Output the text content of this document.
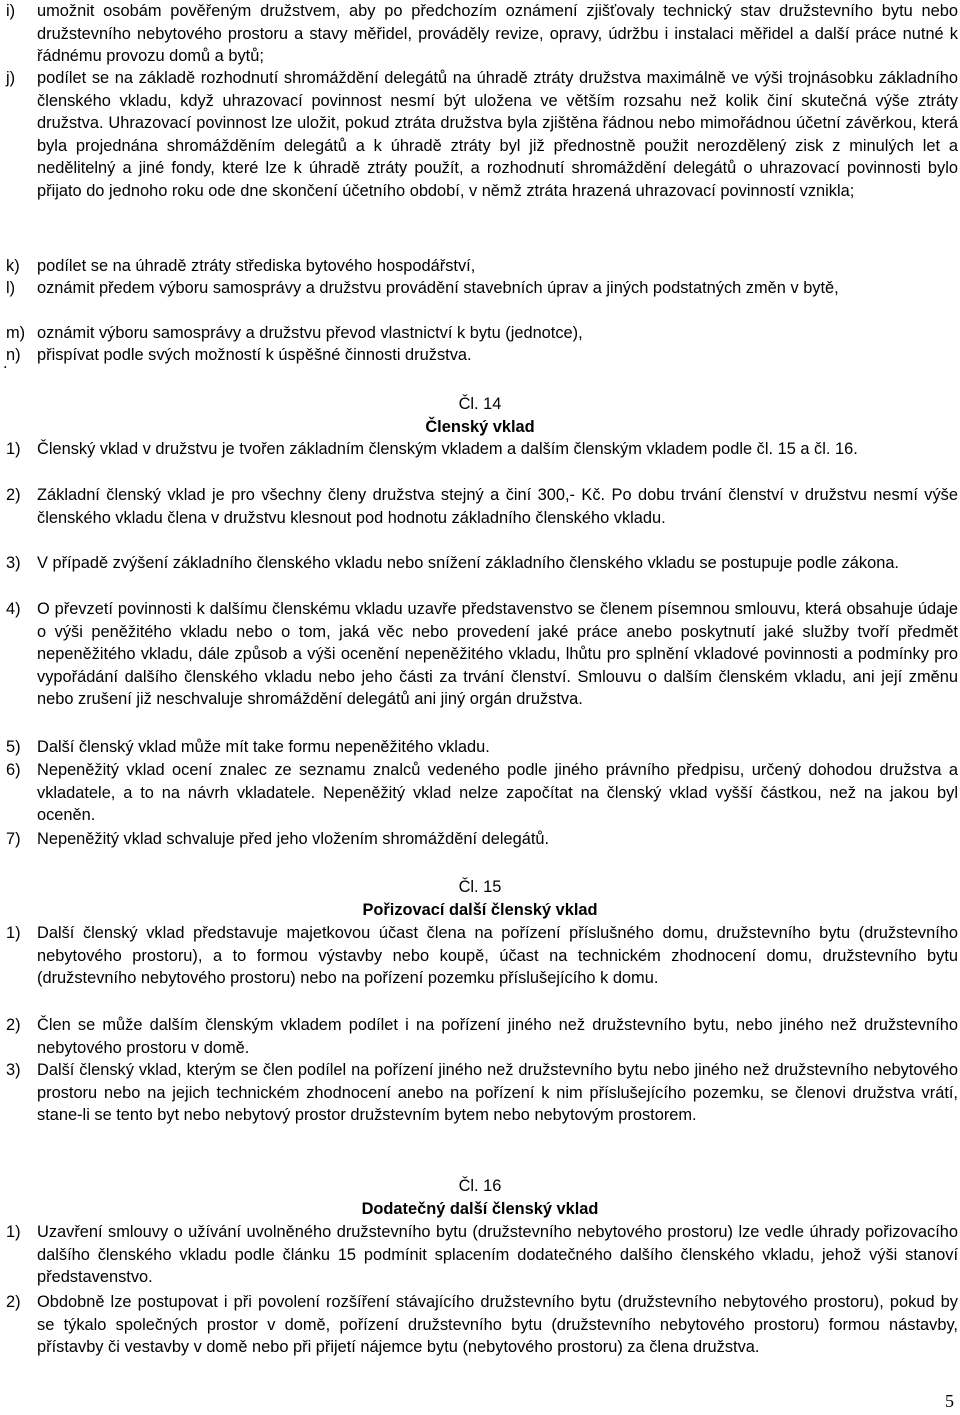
i)	umožnit osobám pověřeným družstvem, aby po předchozím oznámení zjišťovaly technický stav družstevního bytu nebo družstevního nebytového prostoru a stavy měřidel, prováděly revize, opravy, údržbu i instalaci měřidel a další práce nutné k řádnému provozu domů a bytů;
j)	podílet se na základě rozhodnutí shromáždění delegátů na úhradě ztráty družstva maximálně ve výši trojnásobku základního členského vkladu, když uhrazovací povinnost nesmí být uložena ve větším rozsahu než kolik činí skutečná výše ztráty družstva. Uhrazovací povinnost lze uložit, pokud ztráta družstva byla zjištěna řádnou nebo mimořádnou účetní závěrkou, která byla projednána shromážděním delegátů a k úhradě ztráty byl již přednostně použit nerozdělený zisk z minulých let a nedělitelný a jiné fondy, které lze k úhradě ztráty použít, a rozhodnutí shromáždění delegátů o uhrazovací povinnosti bylo přijato do jednoho roku ode dne skončení účetního období, v němž ztráta hrazená uhrazovací povinností vznikla;
k)	podílet se na úhradě ztráty střediska bytového hospodářství,
l)	oznámit předem výboru samosprávy a družstvu provádění stavebních úprav a jiných podstatných změn v bytě,
m) oznámit výboru samosprávy a družstvu převod vlastnictví k bytu (jednotce),
n)	přispívat podle svých možností k úspěšné činnosti družstva.
.
Čl. 14
Členský vklad
1)	Členský vklad v družstvu je tvořen základním členským vkladem a dalším členským vkladem podle čl. 15 a čl. 16.
2)	Základní členský vklad je pro všechny členy družstva stejný a činí 300,- Kč. Po dobu trvání členství v družstvu nesmí výše členského vkladu člena v družstvu klesnout pod hodnotu základního členského vkladu.
3)	V případě zvýšení základního členského vkladu nebo snížení základního členského vkladu se postupuje podle zákona.
4)	O převzetí povinnosti k dalšímu členskému vkladu uzavře představenstvo se členem písemnou smlouvu, která obsahuje údaje o výši peněžitého vkladu nebo o tom, jaká věc nebo provedení jaké práce anebo poskytnutí jaké služby tvoří předmět nepeněžitého vkladu, dále způsob a výši ocenění nepeněžitého vkladu, lhůtu pro splnění vkladové povinnosti a podmínky pro vypořádání dalšího členského vkladu nebo jeho části za trvání členství. Smlouvu o dalším členském vkladu, ani její změnu nebo zrušení již neschvaluje shromáždění delegátů ani jiný orgán družstva.
5)	Další členský vklad může mít take formu nepeněžitého vkladu.
6)	Nepeněžitý vklad ocení znalec ze seznamu znalců vedeného podle jiného právního předpisu, určený dohodou družstva a vkladatele, a to na návrh vkladatele. Nepeněžitý vklad nelze započítat na členský vklad vyšší částkou, než na jakou byl oceněn.
7)	Nepeněžitý vklad schvaluje před jeho vložením shromáždění delegátů.
Čl. 15
Pořizovací další členský vklad
1)	Další členský vklad představuje majetkovou účast člena na pořízení příslušného domu, družstevního bytu (družstevního nebytového prostoru), a to formou výstavby nebo koupě, účast na technickém zhodnocení domu, družstevního bytu (družstevního nebytového prostoru) nebo na pořízení pozemku příslušejícího k domu.
2)	Člen se může dalším členským vkladem podílet i na pořízení jiného než družstevního bytu, nebo jiného než družstevního nebytového prostoru v domě.
3)	Další členský vklad, kterým se člen podílel na pořízení jiného než družstevního bytu nebo jiného než družstevního nebytového prostoru nebo na jejich technickém zhodnocení anebo na pořízení k nim příslušejícího pozemku, se členovi družstva vrátí, stane-li se tento byt nebo nebytový prostor družstevním bytem nebo nebytovým prostorem.
Čl. 16
Dodatečný další členský vklad
1)	Uzavření smlouvy o užívání uvolněného družstevního bytu (družstevního nebytového prostoru) lze vedle úhrady pořizovacího dalšího členského vkladu podle článku 15 podmínit splacením dodatečného dalšího členského vkladu, jehož výši stanoví představenstvo.
2)	Obdobně lze postupovat i při povolení rozšíření stávajícího družstevního bytu (družstevního nebytového prostoru), pokud by se týkalo společných prostor v domě, pořízení družstevního bytu (družstevního nebytového prostoru) formou nástavby, přístavby či vestavby v domě nebo při přijetí nájemce bytu (nebytového prostoru) za člena družstva.
5
